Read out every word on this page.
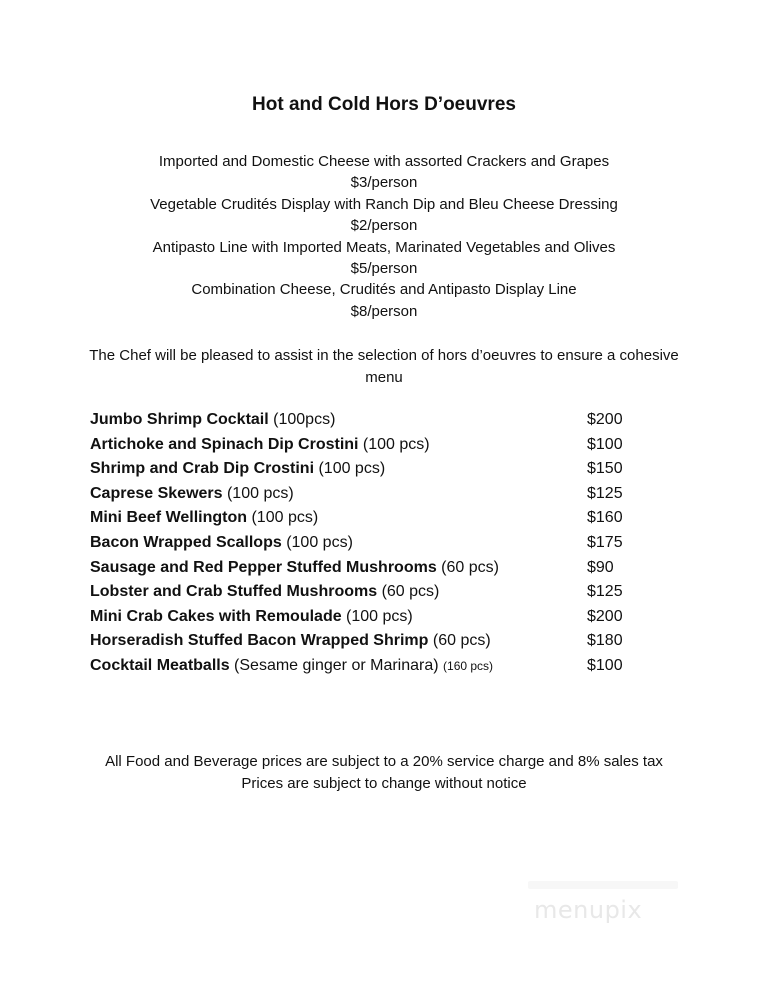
Hot and Cold Hors D’oeuvres
Imported and Domestic Cheese with assorted Crackers and Grapes
$3/person
Vegetable Crudités Display with Ranch Dip and Bleu Cheese Dressing
$2/person
Antipasto Line with Imported Meats, Marinated Vegetables and Olives
$5/person
Combination Cheese, Crudités and Antipasto Display Line
$8/person
The Chef will be pleased to assist in the selection of hors d’oeuvres to ensure a cohesive menu
Jumbo Shrimp Cocktail (100pcs)	$200
Artichoke and Spinach Dip Crostini (100 pcs)	$100
Shrimp and Crab Dip Crostini (100 pcs)	$150
Caprese Skewers (100 pcs)	$125
Mini Beef Wellington (100 pcs)	$160
Bacon Wrapped Scallops (100 pcs)	$175
Sausage and Red Pepper Stuffed Mushrooms (60 pcs)	$90
Lobster and Crab Stuffed Mushrooms (60 pcs)	$125
Mini Crab Cakes with Remoulade (100 pcs)	$200
Horseradish Stuffed Bacon Wrapped Shrimp (60 pcs)	$180
Cocktail Meatballs (Sesame ginger or Marinara) (160 pcs)	$100
All Food and Beverage prices are subject to a 20% service charge and 8% sales tax
Prices are subject to change without notice
menupix
